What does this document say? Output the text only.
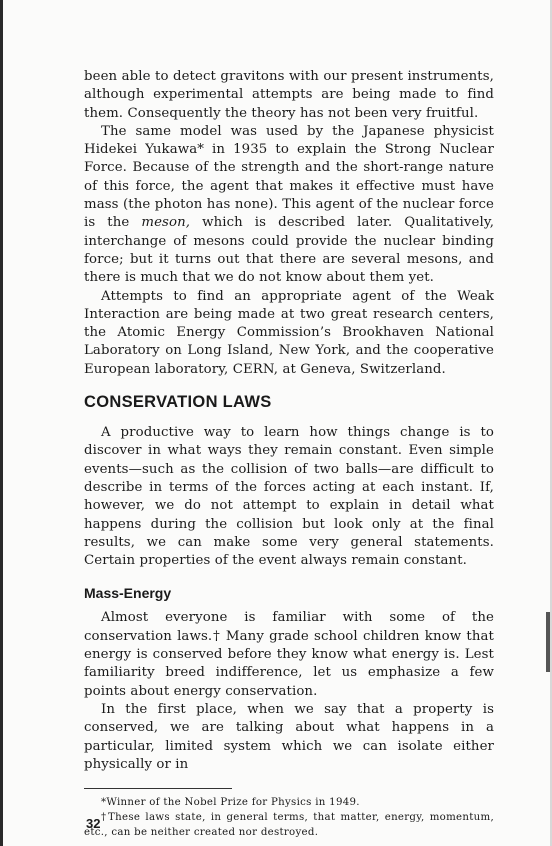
been able to detect gravitons with our present instruments, although experimental attempts are being made to find them. Consequently the theory has not been very fruitful.

The same model was used by the Japanese physicist Hidekei Yukawa* in 1935 to explain the Strong Nuclear Force. Because of the strength and the short-range nature of this force, the agent that makes it effective must have mass (the photon has none). This agent of the nuclear force is the meson, which is described later. Qualitatively, interchange of mesons could provide the nuclear binding force; but it turns out that there are several mesons, and there is much that we do not know about them yet.

Attempts to find an appropriate agent of the Weak Interaction are being made at two great research centers, the Atomic Energy Commission’s Brookhaven National Laboratory on Long Island, New York, and the cooperative European laboratory, CERN, at Geneva, Switzerland.

CONSERVATION LAWS

A productive way to learn how things change is to discover in what ways they remain constant. Even simple events—such as the collision of two balls—are difficult to describe in terms of the forces acting at each instant. If, however, we do not attempt to explain in detail what happens during the collision but look only at the final results, we can make some very general statements. Certain properties of the event always remain constant.

Mass-Energy

Almost everyone is familiar with some of the conservation laws.† Many grade school children know that energy is conserved before they know what energy is. Lest familiarity breed indifference, let us emphasize a few points about energy conservation.

In the first place, when we say that a property is conserved, we are talking about what happens in a particular, limited system which we can isolate either physically or in

*Winner of the Nobel Prize for Physics in 1949.

†These laws state, in general terms, that matter, energy, momentum, etc., can be neither created nor destroyed.

32
